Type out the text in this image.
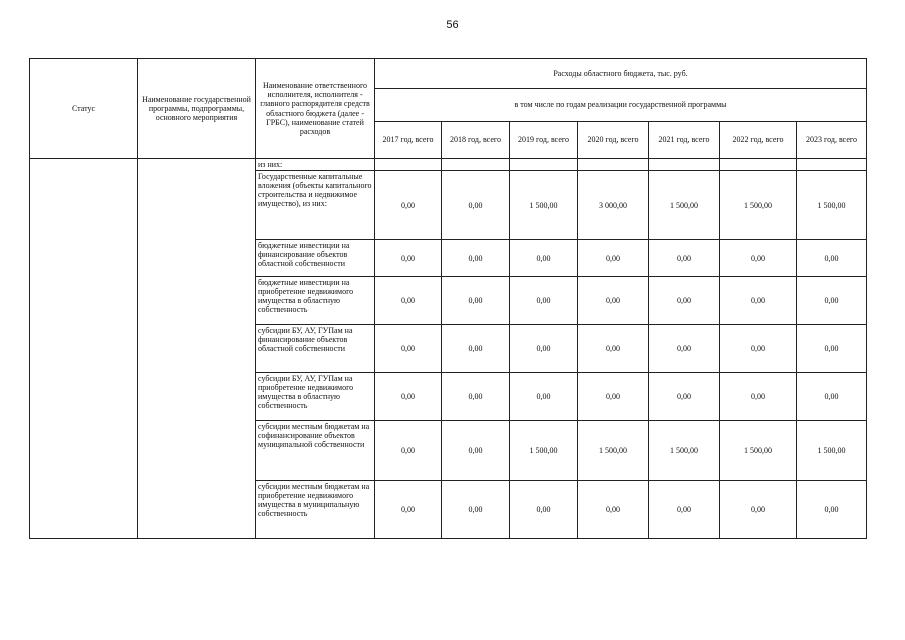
56
Статус	Наименование государственной программы, подпрограммы, основного мероприятия	Наименование ответственного исполнителя, исполнителя - главного распорядителя средств областного бюджета (далее - ГРБС), наименование статей расходов	Расходы областного бюджета, тыс. руб.						
			в том числе по годам реализации государственной программы						
			2017 год, всего	2018 год, всего	2019 год, всего	2020 год, всего	2021 год, всего	2022 год, всего	2023 год, всего
		из них:							
		Государственные капитальные вложения (объекты капитального строительства и недвижимое имущество), из них:	0,00	0,00	1 500,00	3 000,00	1 500,00	1 500,00	1 500,00
		бюджетные инвестиции на финансирование объектов областной собственности	0,00	0,00	0,00	0,00	0,00	0,00	0,00
		бюджетные инвестиции на приобретение недвижимого имущества в областную собственность	0,00	0,00	0,00	0,00	0,00	0,00	0,00
		субсидии БУ, АУ, ГУПам на финансирование объектов областной собственности	0,00	0,00	0,00	0,00	0,00	0,00	0,00
		субсидии БУ, АУ, ГУПам на приобретение недвижимого имущества в областную собственность	0,00	0,00	0,00	0,00	0,00	0,00	0,00
		субсидии местным бюджетам на софинансирование объектов муниципальной собственности	0,00	0,00	1 500,00	1 500,00	1 500,00	1 500,00	1 500,00
		субсидии местным бюджетам на приобретение недвижимого имущества в муниципальную собственность	0,00	0,00	0,00	0,00	0,00	0,00	0,00
